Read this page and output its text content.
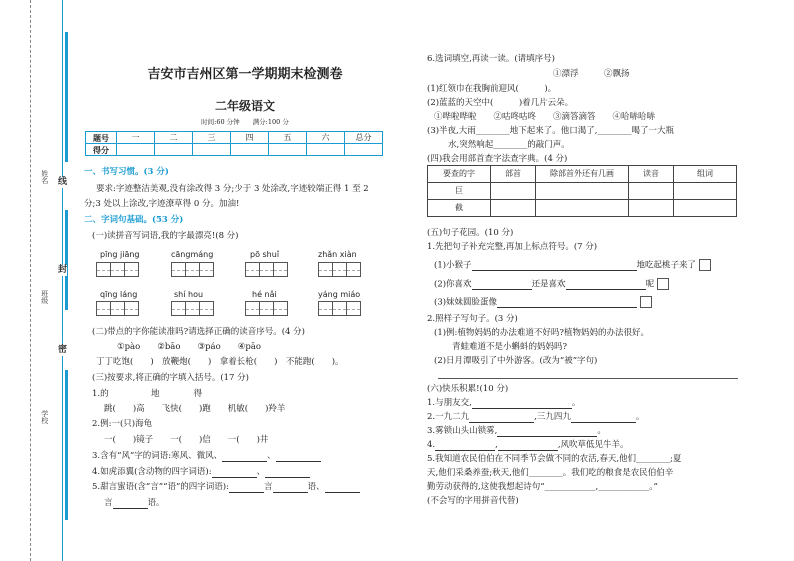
姓名
班级
学校
线
封
密
吉安市吉州区第一学期期末检测卷
二年级语文
时间:60 分钟　　满分:100 分
题号	一	二	三	四	五	六	总分
得分							
一、书写习惯。(3 分)
要求:字迹整洁美观,没有涂改得 3 分;少于 3 处涂改,字迹较端正得 1 至 2
分;3 处以上涂改,字迹潦草得 0 分。加油!
二、字词句基础。(53 分)
(一)读拼音写词语,我的字最漂亮!(8 分)
pīng jiāng	cāngmáng	pō shuǐ	zhǎn xiàn
qīng láng	shí hou	hé nǎi	yáng miáo
(二)带点的字你能读准吗?请选择正确的读音序号。(4 分)
①pào　　②bāo　　③páo　　④pāo
丁丁吃饱(　　)　放鞭炮(　　)　拿着长枪(　　)　不能跑(　　)。
(三)按要求,将正确的字填入括号。(17 分)
1.的　　　　　地　　　　得
跳(　　)高　　飞快(　　)跑　　机敏(　　)羚羊
2.例:一(只)海龟
一(　　)镜子　　一(　　)信　　一(　　)井
3.含有“风”字的词语:寒风、微风、	、
4.如虎添翼(含动物的四字词语):	、
5.甜言蜜语(含“言”“语”的四字词语):	言	语、
言	语。
6.选词填空,再读一读。(请填序号)
①漂浮　　　②飘扬
(1)红领巾在我胸前迎风(　　　)。
(2)蓝蓝的天空中(　　　)着几片云朵。
①哗啦哗啦　　②咕咚咕咚　　③滴答滴答　　④哈哧哈哧
(3)半夜,大雨________地下起来了。他口渴了,________喝了一大瓶
水,突然响起________的敲门声。
(四)我会用部首查字法查字典。(4 分)
要查的字	部首	除部首外还有几画	读音	组词
巨				
截				
(五)句子花园。(10 分)
1.先把句子补充完整,再加上标点符号。(7 分)
(1)小猴子	地吃起桃子来了
(2)你喜欢	还是喜欢	呢
(3)妹妹圆脸蛋像
2.照样子写句子。(3 分)
(1)例:植物妈妈的办法难道不好吗?植物妈妈的办法很好。
青蛙难道不是小蝌蚪的妈妈吗?
(2)日月潭吸引了中外游客。(改为“被”字句)
(六)快乐积累!(10 分)
1.与朋友交,	。
2.一九二九	,三九四九	。
3.雾锁山头山锁雾,	。
4.	,	,风吹草低见牛羊。
5.我知道农民伯伯在不同季节会做不同的农活,春天,他们________;夏
天,他们采桑养蚕;秋天,他们________。我们吃的粮食是农民伯伯辛
勤劳动获得的,这使我想起诗句“____________,____________。”
(不会写的字用拼音代替)
